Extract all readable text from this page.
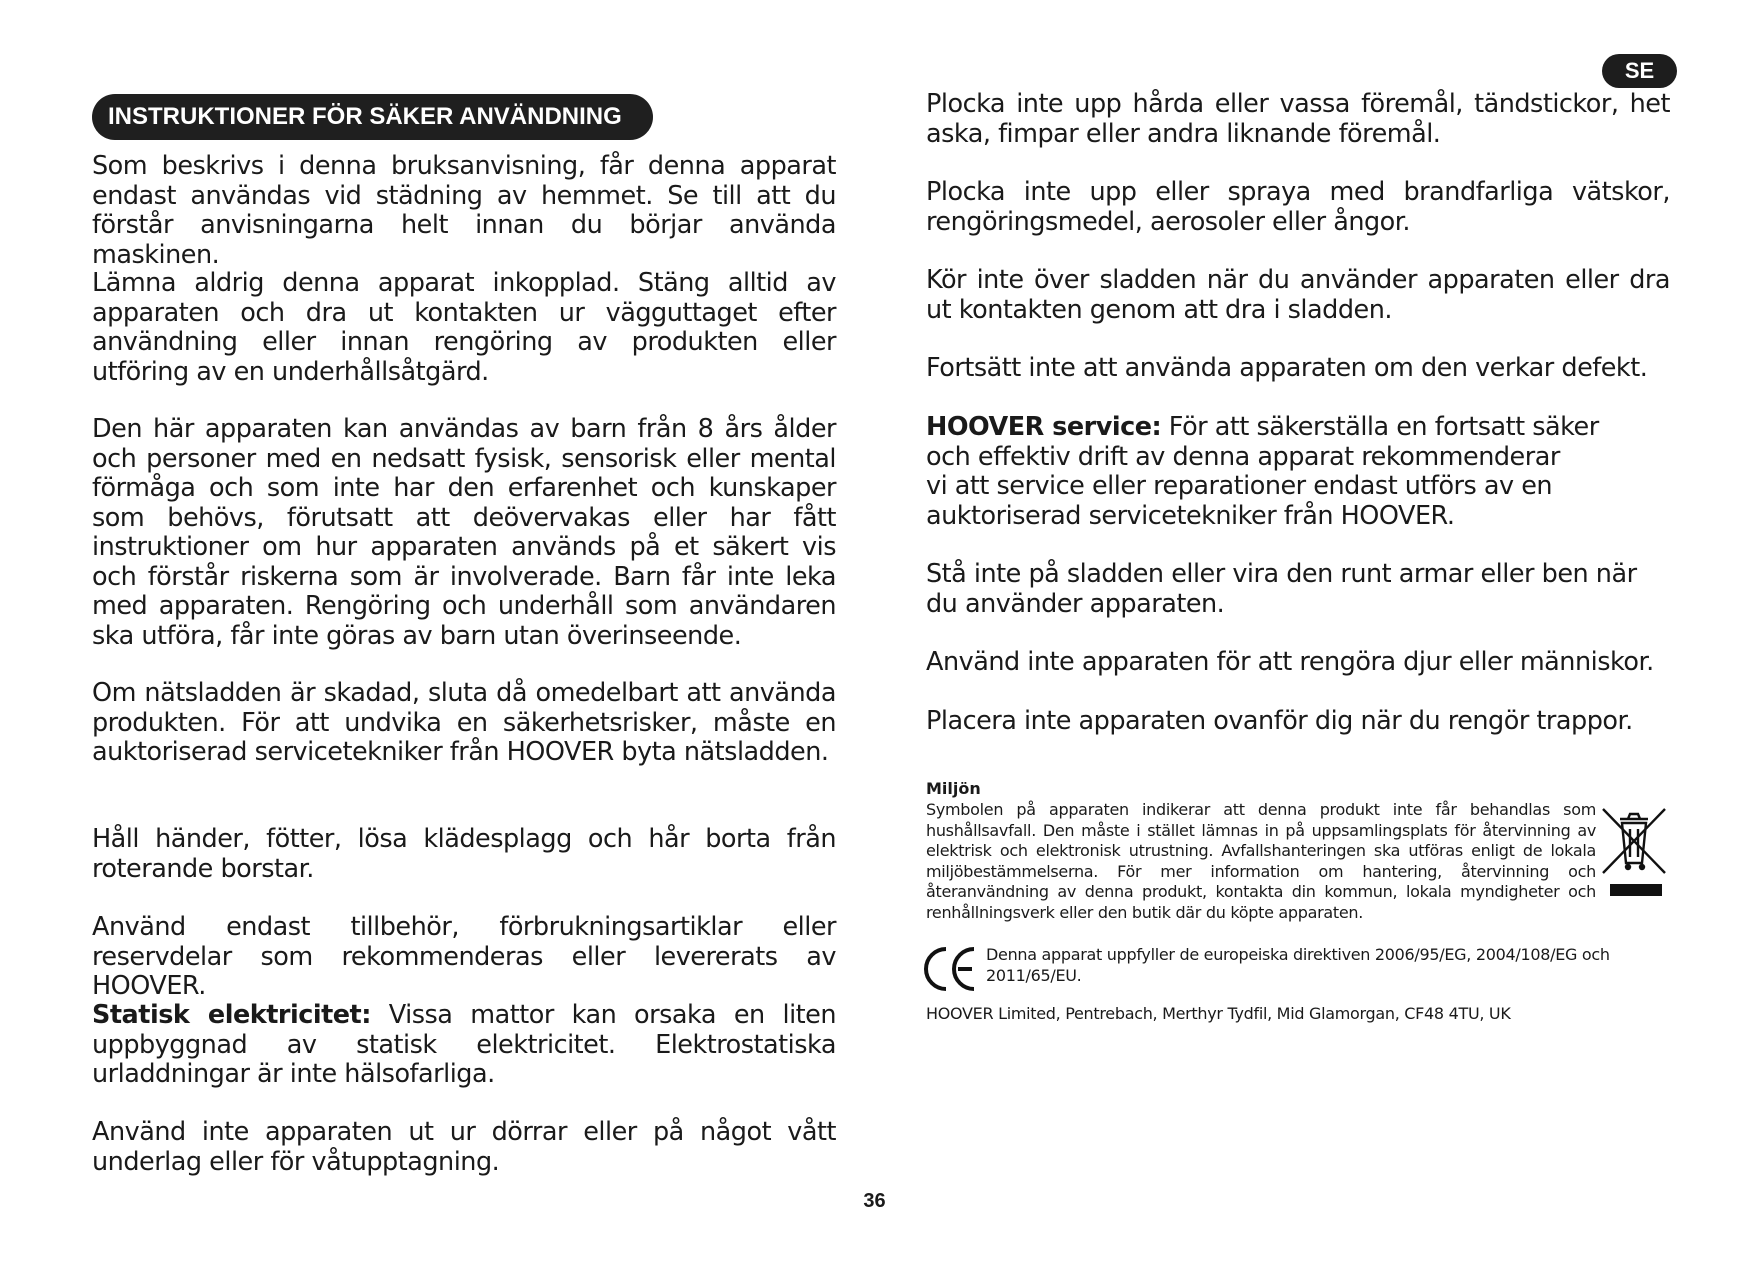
SE
INSTRUKTIONER FÖR SÄKER ANVÄNDNING

Som beskrivs i denna bruksanvisning, får denna apparat endast användas vid städning av hemmet. Se till att du förstår anvisningarna helt innan du börjar använda maskinen.

Lämna aldrig denna apparat inkopplad. Stäng alltid av apparaten och dra ut kontakten ur vägguttaget efter användning eller innan rengöring av produkten eller utföring av en underhållsåtgärd.

Den här apparaten kan användas av barn från 8 års ålder och personer med en nedsatt fysisk, sensorisk eller mental förmåga och som inte har den erfarenhet och kunskaper som behövs, förutsatt att deövervakas eller har fått instruktioner om hur apparaten används på et säkert vis och förstår riskerna som är involverade. Barn får inte leka med apparaten. Rengöring och underhåll som användaren ska utföra, får inte göras av barn utan överinseende.

Om nätsladden är skadad, sluta då omedelbart att använda produkten. För att undvika en säkerhetsrisker, måste en auktoriserad servicetekniker från HOOVER byta nätsladden.

Håll händer, fötter, lösa klädesplagg och hår borta från roterande borstar.

Använd endast tillbehör, förbrukningsartiklar eller reservdelar som rekommenderas eller levererats av HOOVER.

Statisk elektricitet: Vissa mattor kan orsaka en liten uppbyggnad av statisk elektricitet. Elektrostatiska urladdningar är inte hälsofarliga.

Använd inte apparaten ut ur dörrar eller på något vått underlag eller för våtupptagning.

Plocka inte upp hårda eller vassa föremål, tändstickor, het aska, fimpar eller andra liknande föremål.

Plocka inte upp eller spraya med brandfarliga vätskor, rengöringsmedel, aerosoler eller ångor.

Kör inte över sladden när du använder apparaten eller dra ut kontakten genom att dra i sladden.

Fortsätt inte att använda apparaten om den verkar defekt.

HOOVER service: För att säkerställa en fortsatt säker
och effektiv drift av denna apparat rekommenderar
vi att service eller reparationer endast utförs av en
auktoriserad servicetekniker från HOOVER.

Stå inte på sladden eller vira den runt armar eller ben när du använder apparaten.

Använd inte apparaten för att rengöra djur eller människor.

Placera inte apparaten ovanför dig när du rengör trappor.

Miljön

Symbolen på apparaten indikerar att denna produkt inte får behandlas som hushållsavfall. Den måste i stället lämnas in på uppsamlingsplats för återvinning av elektrisk och elektronisk utrustning. Avfallshanteringen ska utföras enligt de lokala miljöbestämmelserna. För mer information om hantering, återvinning och återanvändning av denna produkt, kontakta din kommun, lokala myndigheter och renhållningsverk eller den butik där du köpte apparaten.

Denna apparat uppfyller de europeiska direktiven 2006/95/EG, 2004/108/EG och 2011/65/EU.

HOOVER Limited, Pentrebach, Merthyr Tydfil, Mid Glamorgan, CF48 4TU, UK

36
